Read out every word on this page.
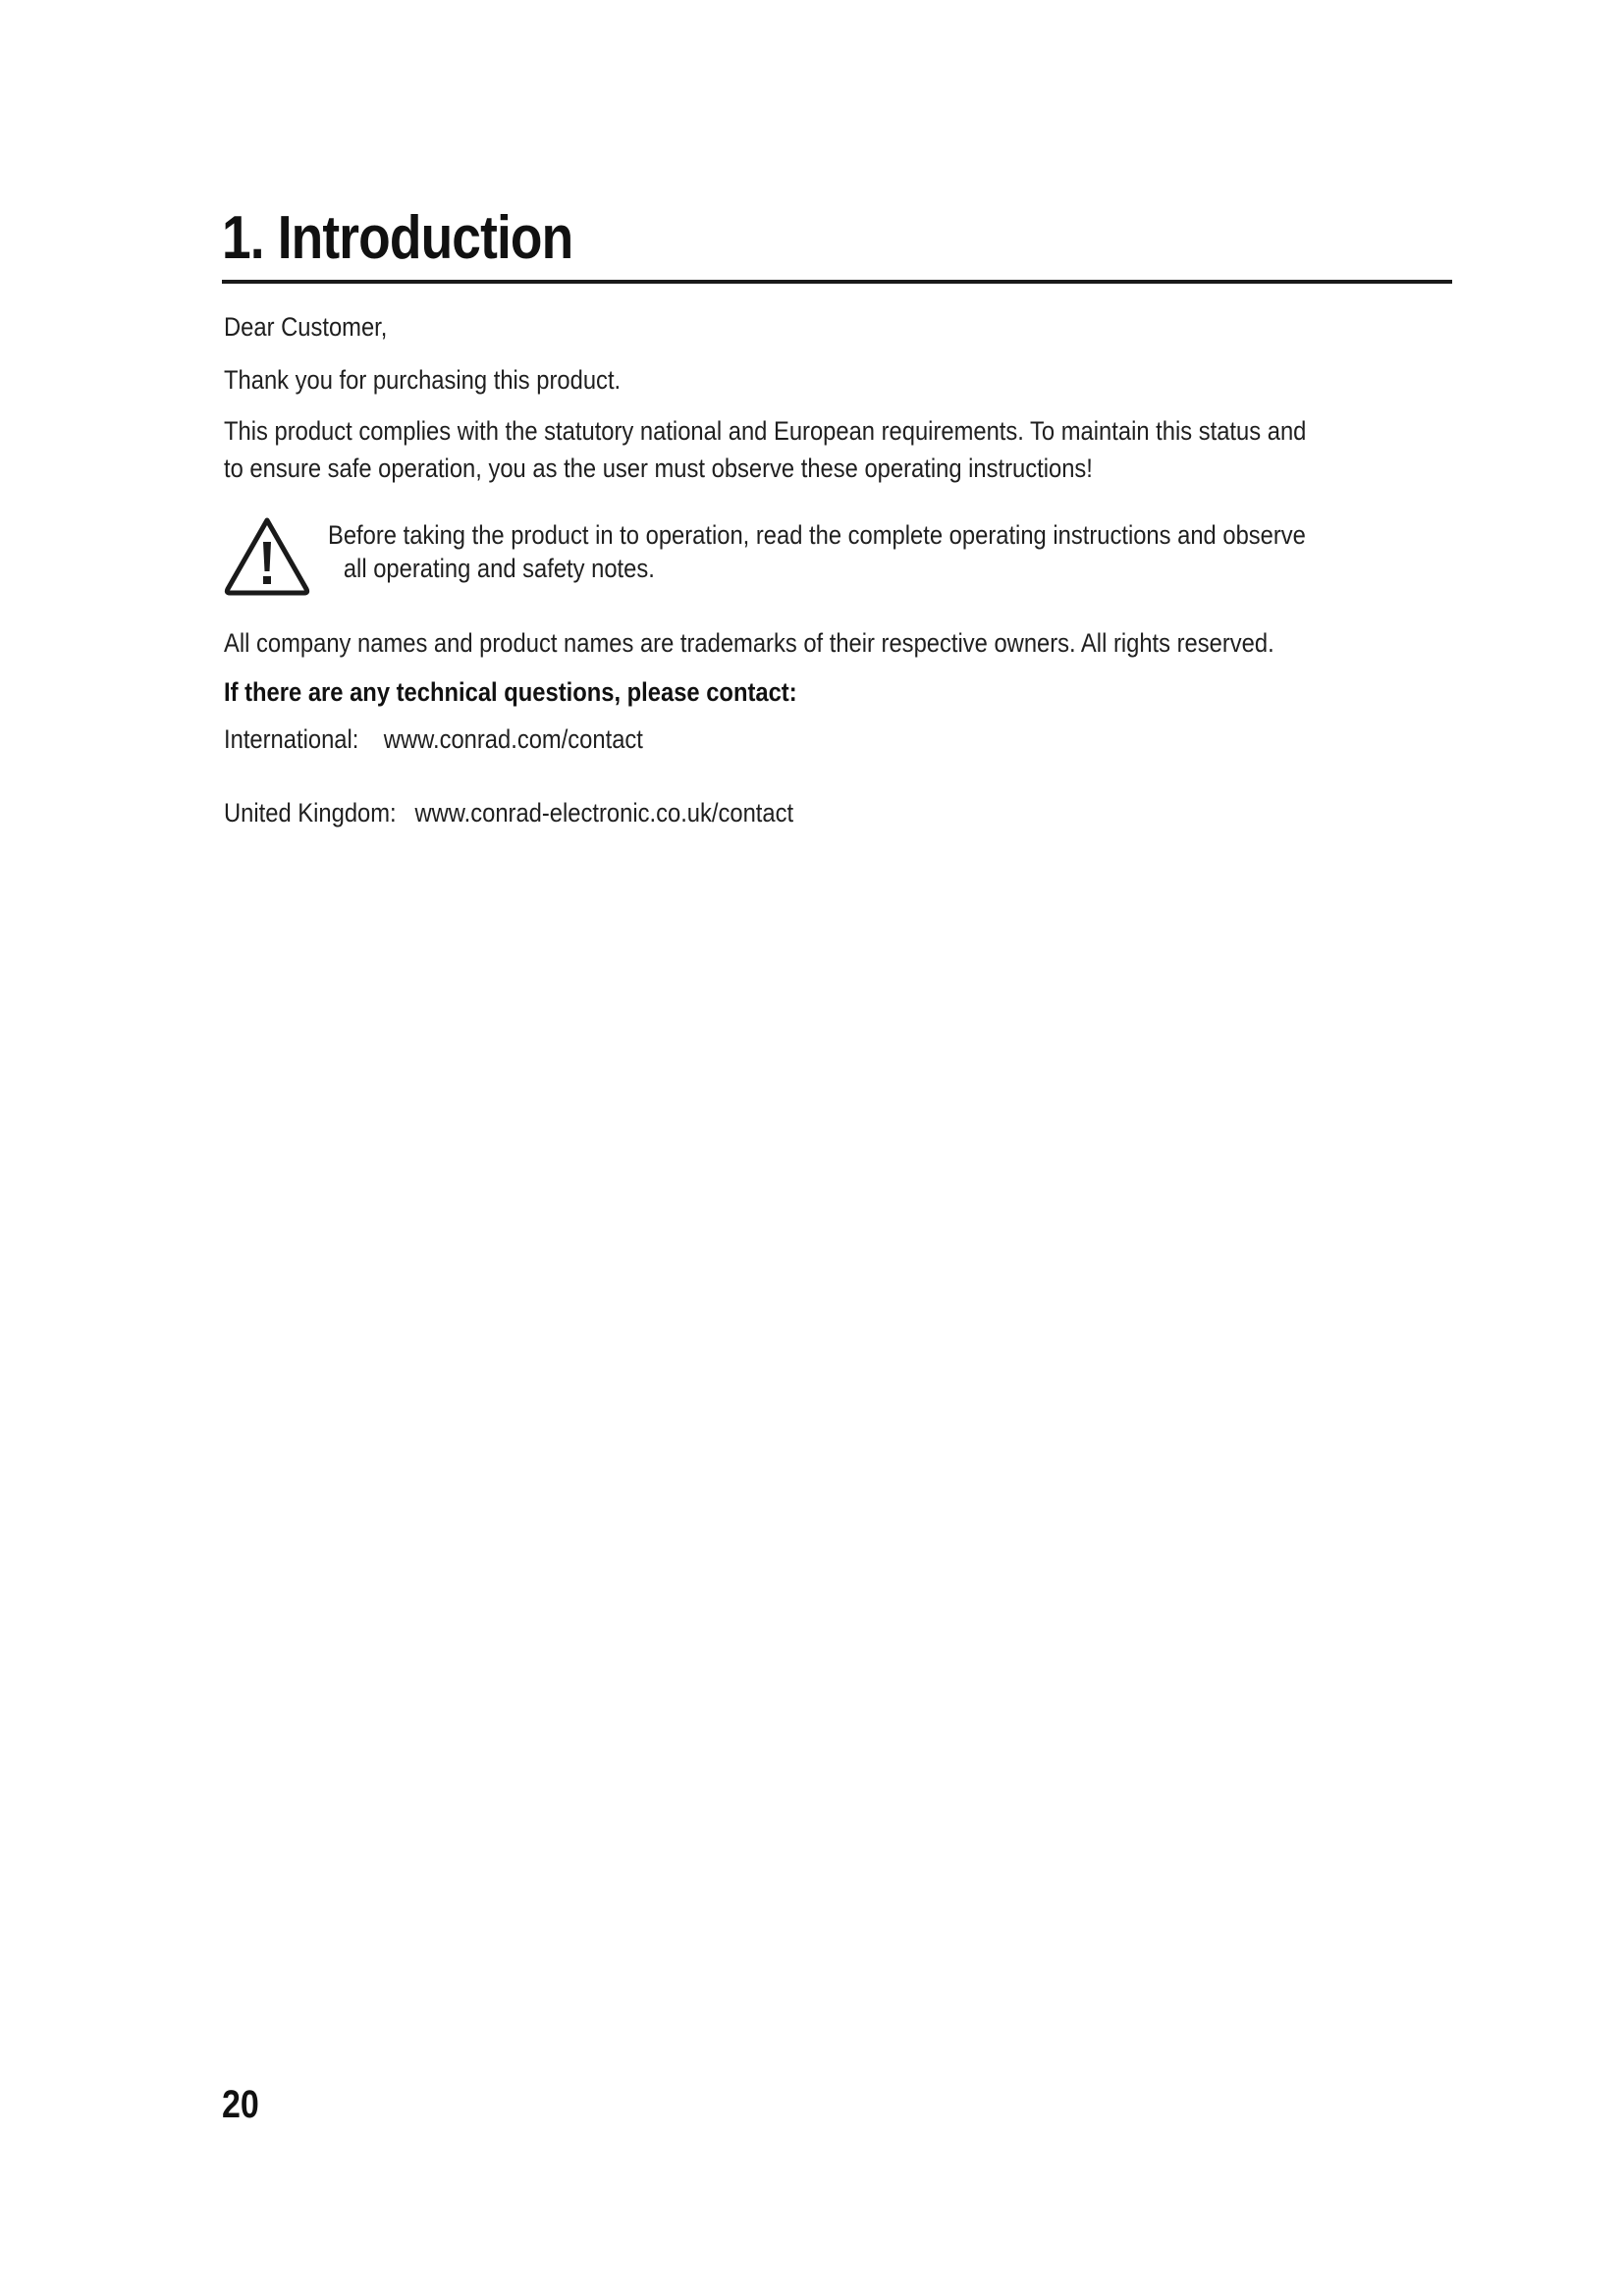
1. Introduction

Dear Customer,

Thank you for purchasing this product.

This product complies with the statutory national and European requirements. To maintain this status and

to ensure safe operation, you as the user must observe these operating instructions!

Before taking the product in to operation, read the complete operating instructions and observe
all operating and safety notes.

All company names and product names are trademarks of their respective owners. All rights reserved.

If there are any technical questions, please contact:

International: www.conrad.com/contact

United Kingdom: www.conrad-electronic.co.uk/contact

20
